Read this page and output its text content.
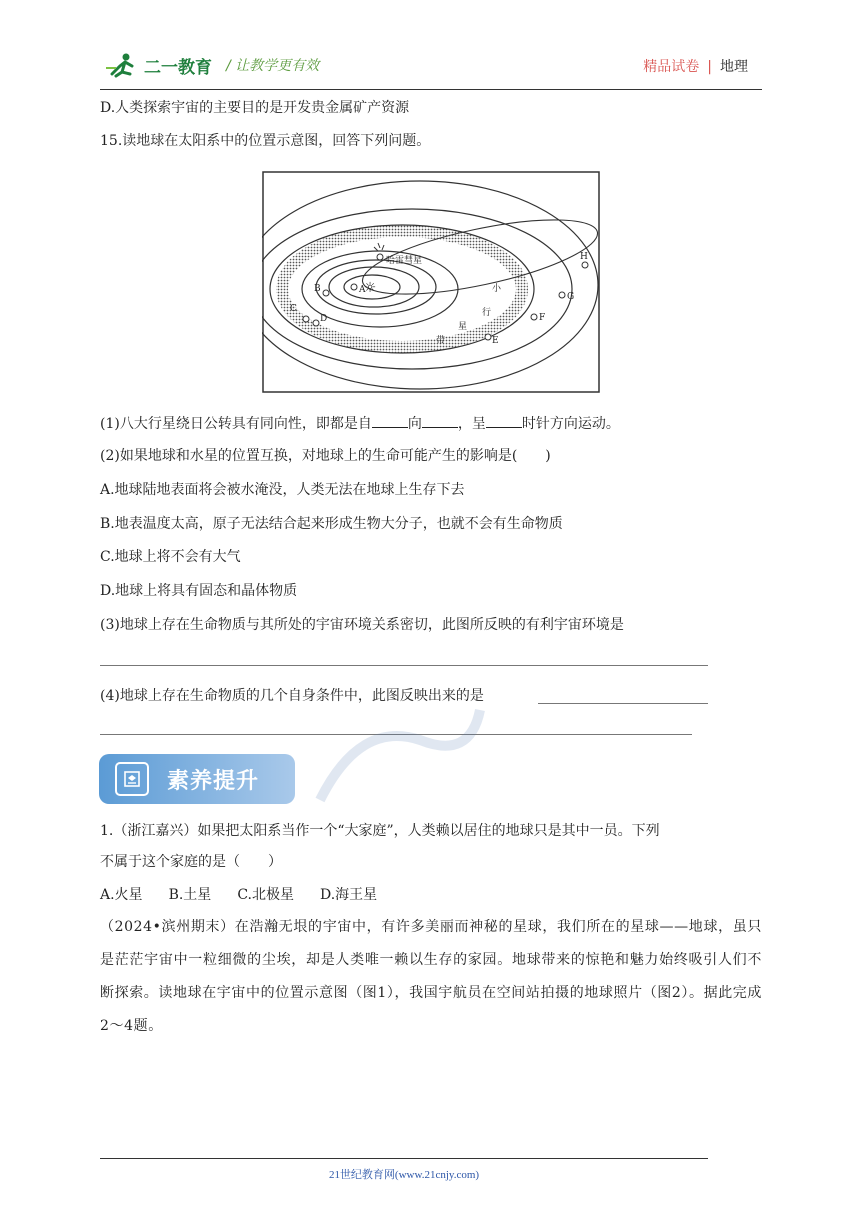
二一教育 / 让教学更有效	精品试卷 | 地理
D.人类探索宇宙的主要目的是开发贵金属矿产资源
15.读地球在太阳系中的位置示意图，回答下列问题。
☼
哈雷彗星
A
B
C
D
E
F
G
H
小
行
星
带
(1)八大行星绕日公转具有同向性，即都是自	向	，呈	时针方向运动。
(2)如果地球和水星的位置互换，对地球上的生命可能产生的影响是(　　)
A.地球陆地表面将会被水淹没，人类无法在地球上生存下去
B.地表温度太高，原子无法结合起来形成生物大分子，也就不会有生命物质
C.地球上将不会有大气
D.地球上将具有固态和晶体物质
(3)地球上存在生命物质与其所处的宇宙环境关系密切，此图所反映的有利宇宙环境是
(4)地球上存在生命物质的几个自身条件中，此图反映出来的是
素养提升
1.（浙江嘉兴）如果把太阳系当作一个“大家庭”，人类赖以居住的地球只是其中一员。下列
不属于这个家庭的是（　　）
A.火星 B.土星 C.北极星 D.海王星
（2024•滨州期末）在浩瀚无垠的宇宙中，有许多美丽而神秘的星球，我们所在的星球——地球，虽只是茫茫宇宙中一粒细微的尘埃，却是人类唯一赖以生存的家园。地球带来的惊艳和魅力始终吸引人们不断探索。读地球在宇宙中的位置示意图（图1），我国宇航员在空间站拍摄的地球照片（图2）。据此完成2～4题。
21世纪教育网(www.21cnjy.com)
